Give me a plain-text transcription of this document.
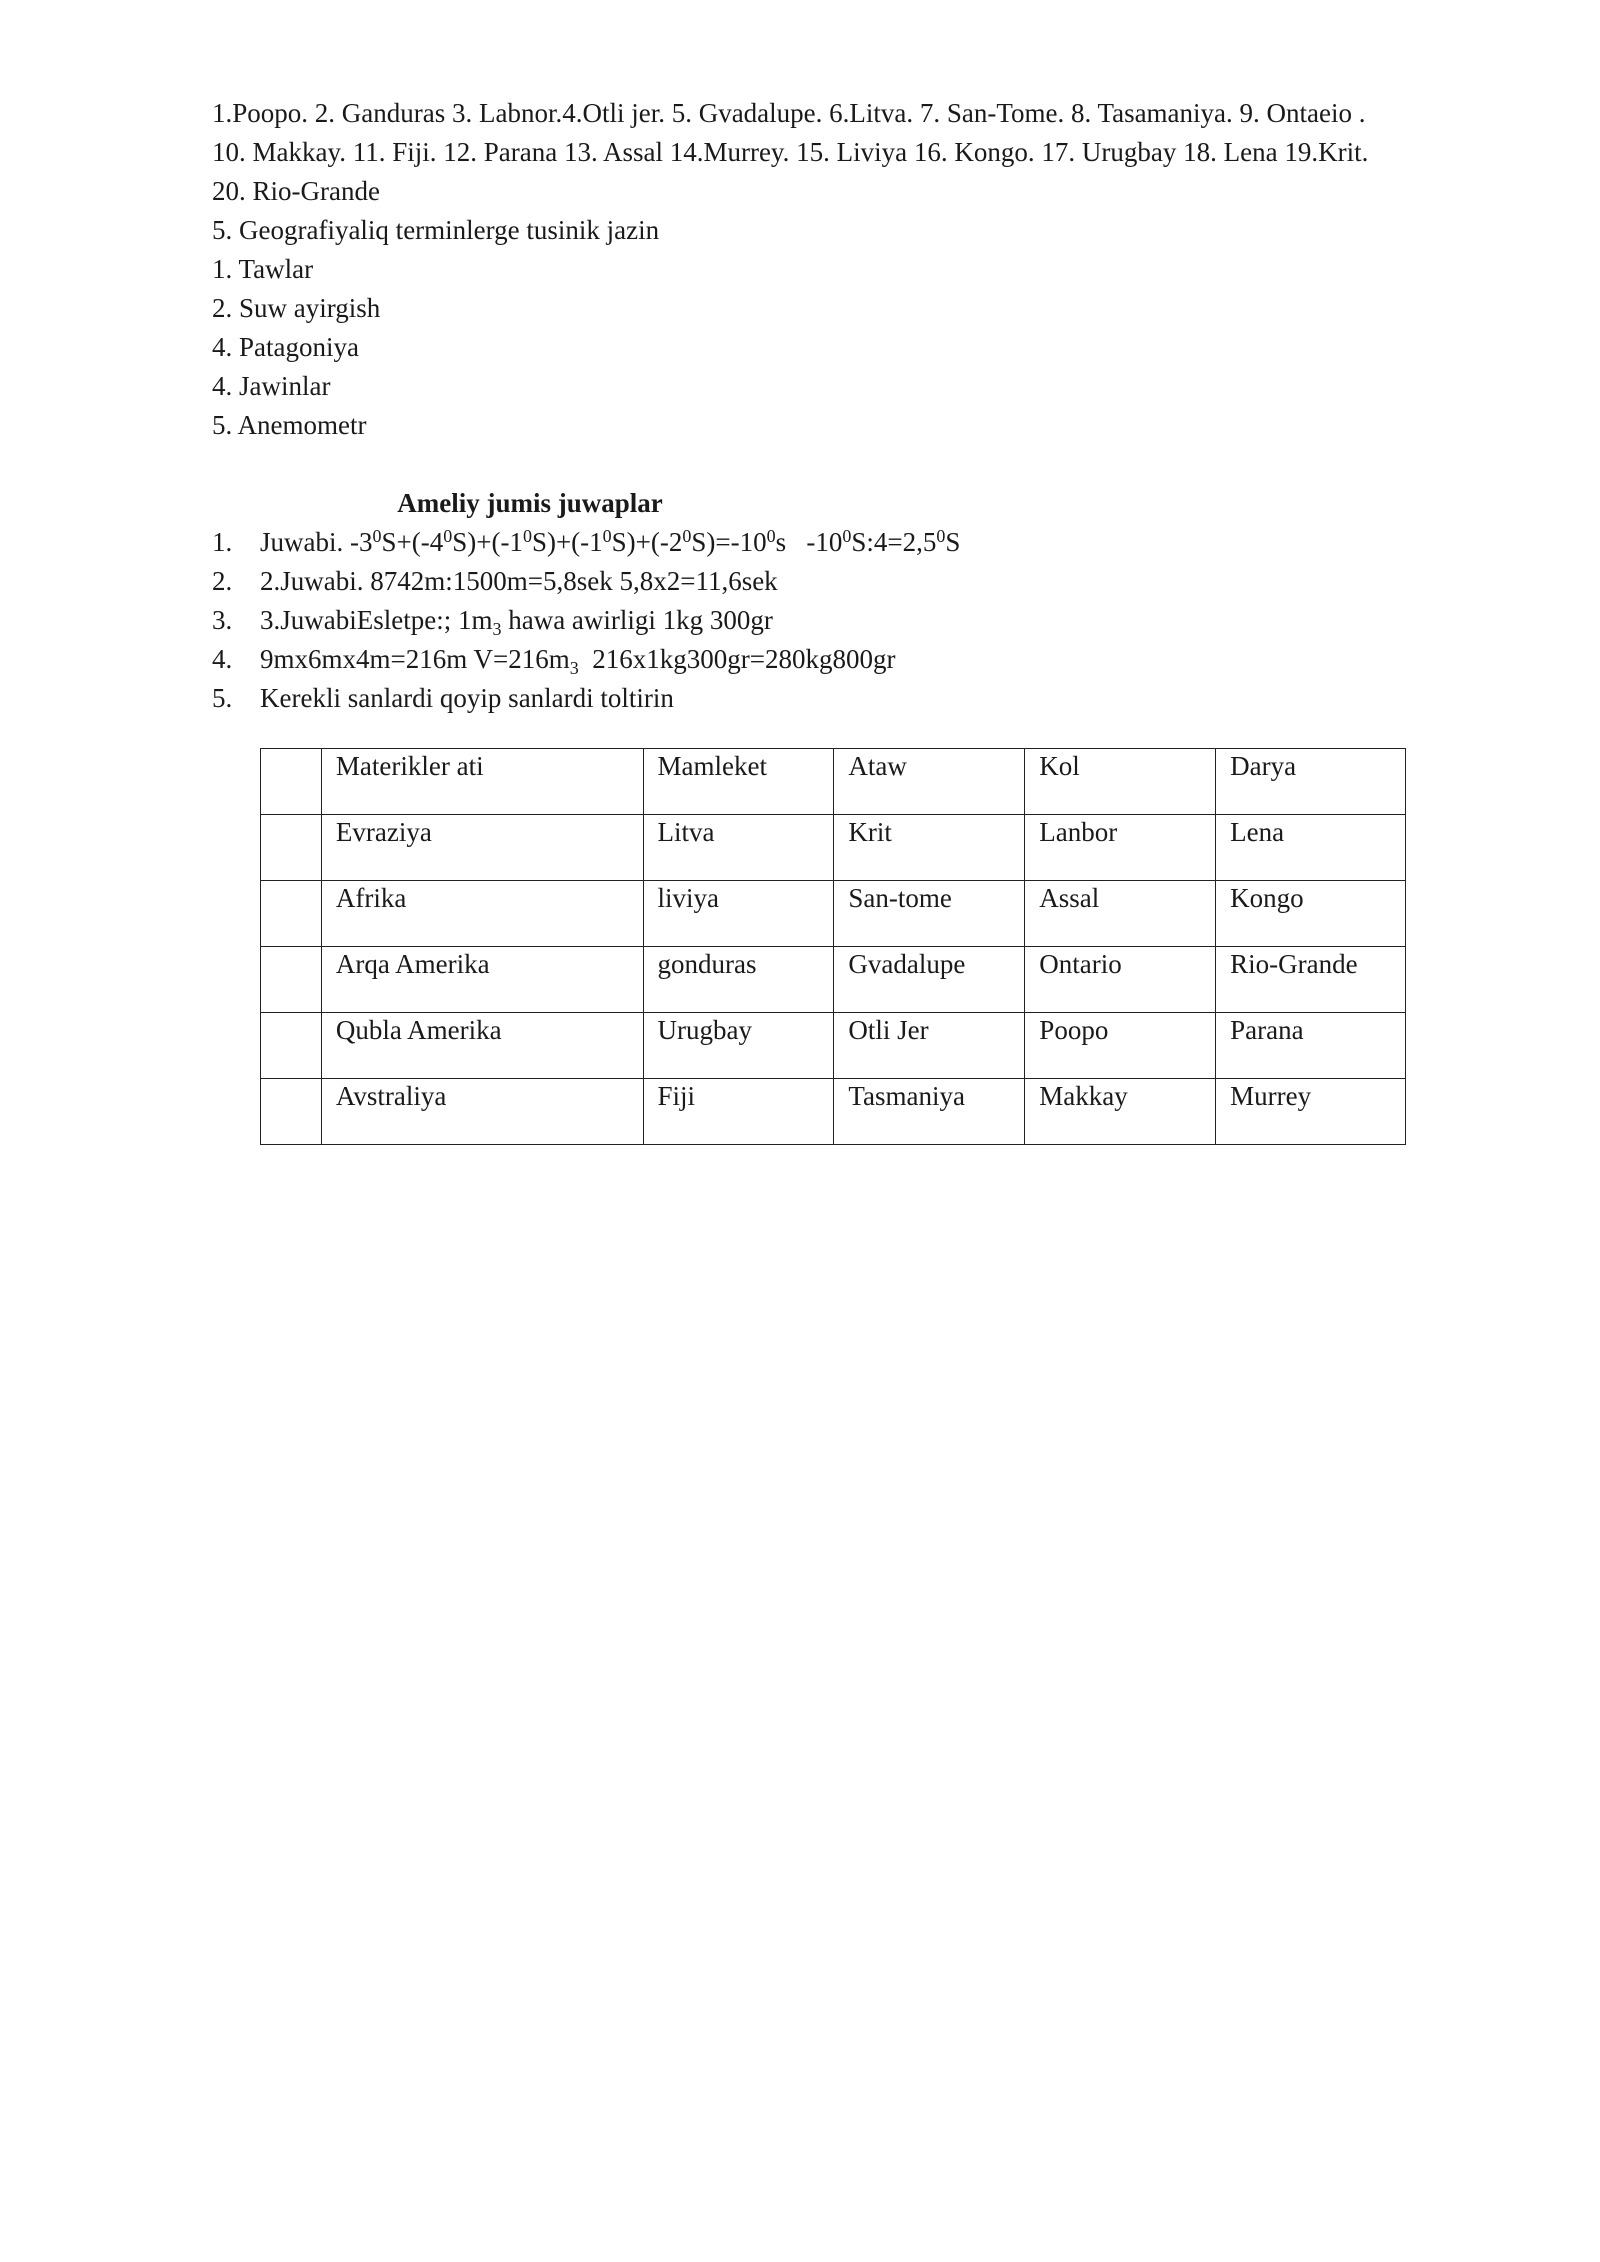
1.Poopo. 2. Ganduras 3. Labnor.4.Otli jer. 5. Gvadalupe. 6.Litva. 7. San-Tome. 8. Tasamaniya. 9. Ontaeio .
10. Makkay. 11. Fiji. 12. Parana 13. Assal 14.Murrey. 15. Liviya 16. Kongo. 17. Urugbay 18. Lena 19.Krit.
20. Rio-Grande
5. Geografiyaliq terminlerge tusinik jazin
1. Tawlar
2. Suw ayirgish
4. Patagoniya
4. Jawinlar
5. Anemometr
Ameliy jumis juwaplar
1. Juwabi. $-3^0S+(-4^0S)+(-1^0S)+(-1^0S)+(-2^0S)=-10^0s$   $-10^0S:4=2,5^0S$
2. 2.Juwabi. 8742m:1500m=5,8sek 5,8x2=11,6sek
3. 3.JuwabiEsletpe:; $1m_3$ hawa awirligi 1kg 300gr
4. 9mx6mx4m=216m $V=216m_3$  216x1kg300gr=280kg800gr
5. Kerekli sanlardi qoyip sanlardi toltirin
	Materikler ati	Mamleket	Ataw	Kol	Darya
	Evraziya	Litva	Krit	Lanbor	Lena
	Afrika	liviya	San-tome	Assal	Kongo
	Arqa Amerika	gonduras	Gvadalupe	Ontario	Rio-Grande
	Qubla Amerika	Urugbay	Otli Jer	Poopo	Parana
	Avstraliya	Fiji	Tasmaniya	Makkay	Murrey
